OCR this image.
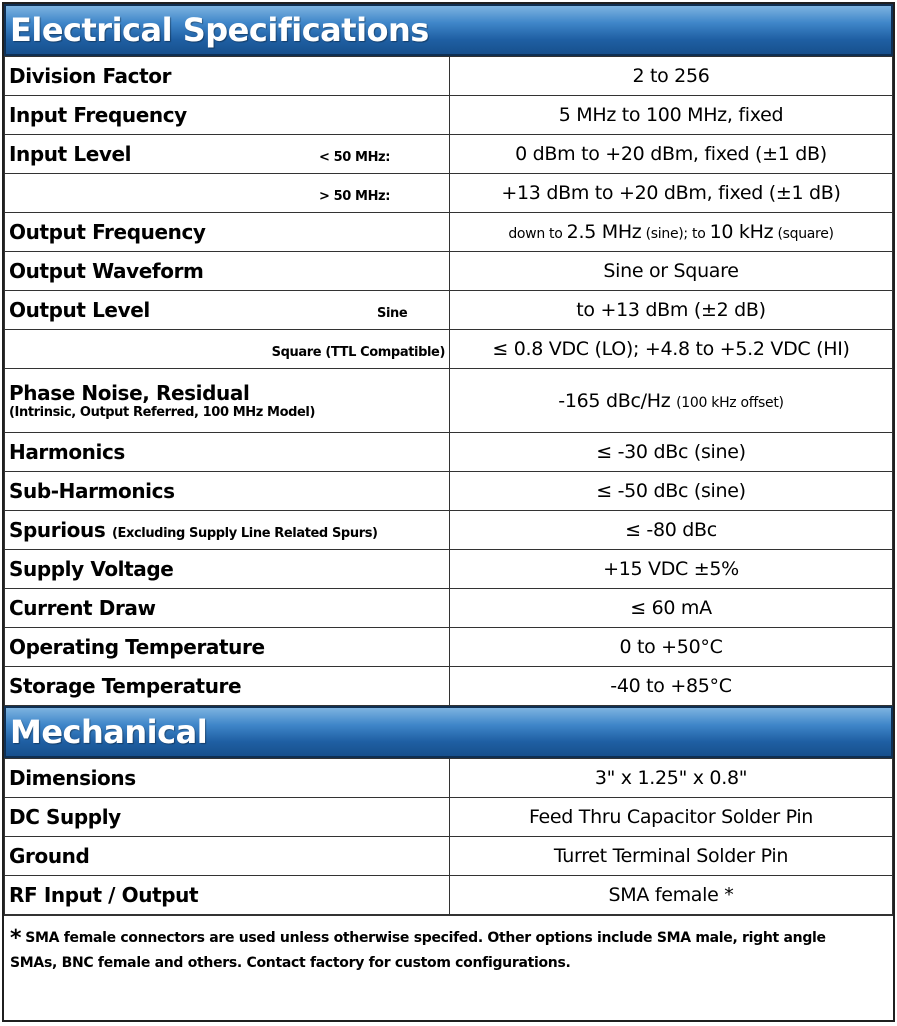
Electrical Specifications
Division Factor	2 to 256
Input Frequency	5 MHz to 100 MHz, fixed
Input Level < 50 MHz:	0 dBm to +20 dBm, fixed (±1 dB)
> 50 MHz:	+13 dBm to +20 dBm, fixed (±1 dB)
Output Frequency	down to 2.5 MHz (sine); to 10 kHz (square)
Output Waveform	Sine or Square
Output Level Sine	to +13 dBm (±2 dB)
Square (TTL Compatible)	≤ 0.8 VDC (LO); +4.8 to +5.2 VDC (HI)

Phase Noise, Residual
(Intrinsic, Output Referred, 100 MHz Model)	-165 dBc/Hz (100 kHz offset)
Harmonics	≤ -30 dBc (sine)
Sub-Harmonics	≤ -50 dBc (sine)
Spurious (Excluding Supply Line Related Spurs)	≤ -80 dBc
Supply Voltage	+15 VDC ±5%
Current Draw	≤ 60 mA
Operating Temperature	0 to +50°C
Storage Temperature	-40 to +85°C
Mechanical
Dimensions	3" x 1.25" x 0.8"
DC Supply	Feed Thru Capacitor Solder Pin
Ground	Turret Terminal Solder Pin
RF Input / Output	SMA female *
* SMA female connectors are used unless otherwise specifed. Other options include SMA male, right angle
SMAs, BNC female and others. Contact factory for custom configurations.
